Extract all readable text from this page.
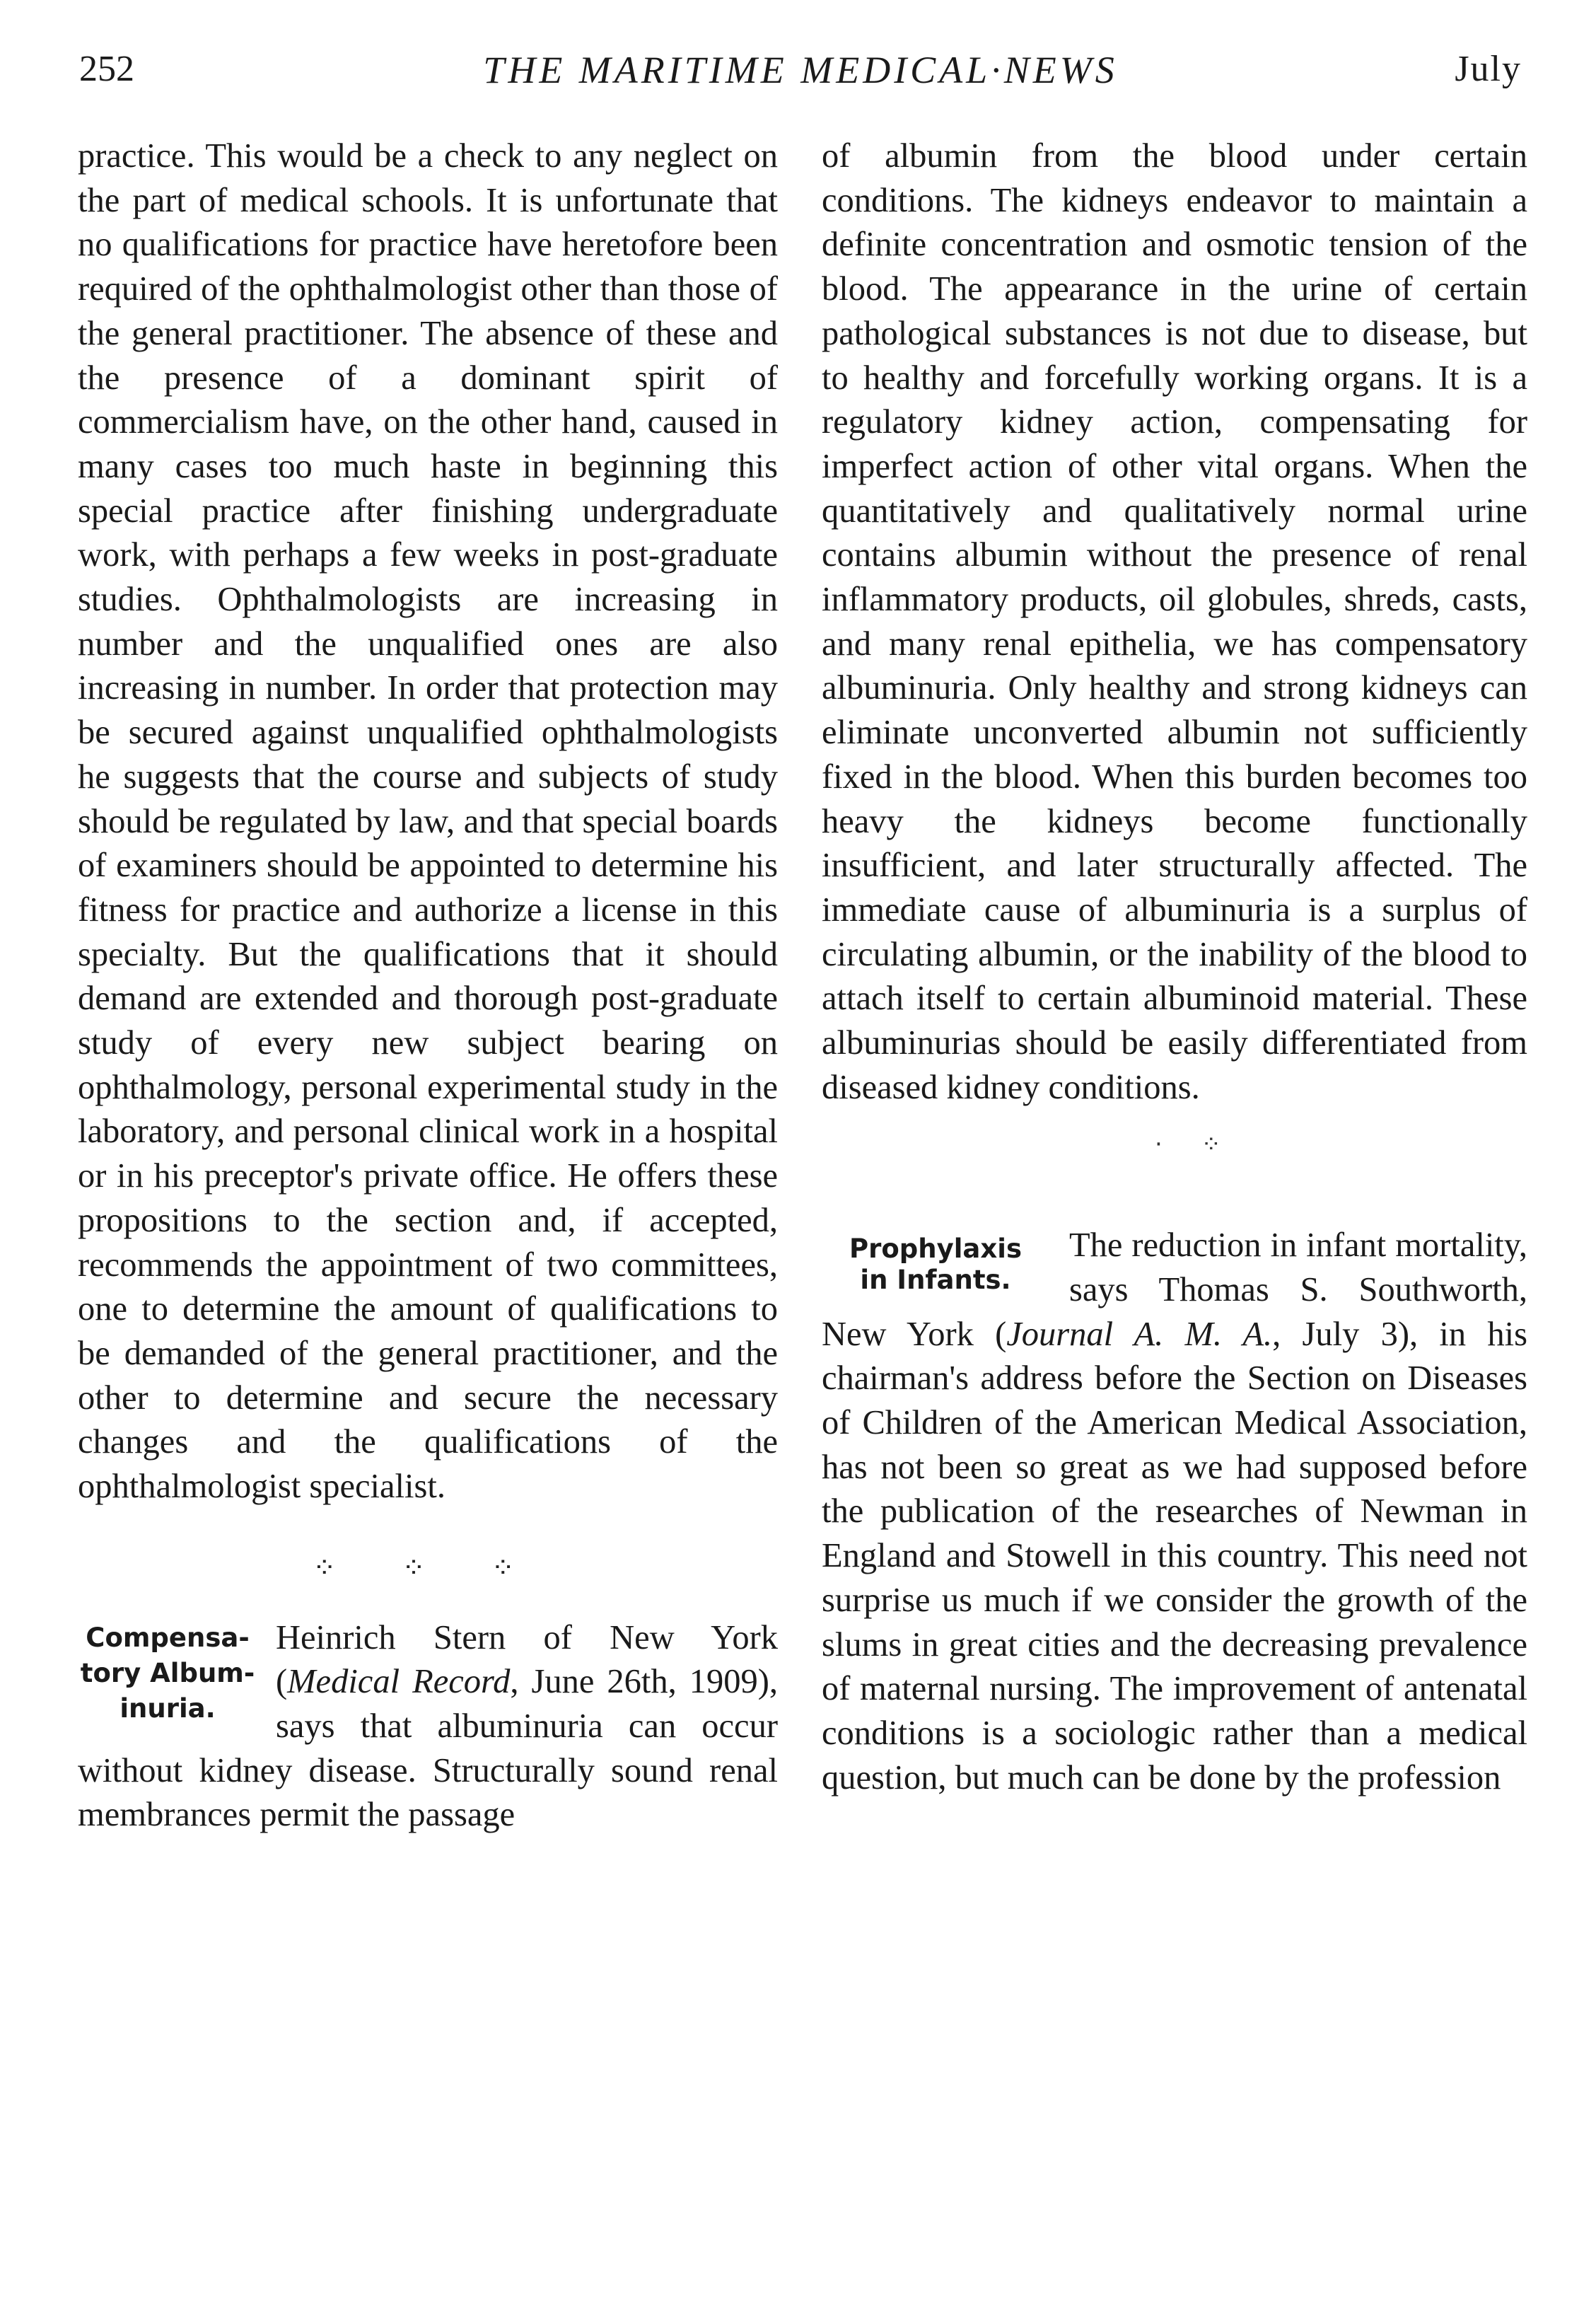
252	THE MARITIME MEDICAL·NEWS	July

practice. This would be a check to any neglect on the part of medical schools. It is unfortunate that no qualifications for practice have heretofore been required of the ophthalmologist other than those of the general practitioner. The absence of these and the presence of a dominant spirit of commercialism have, on the other hand, caused in many cases too much haste in beginning this special practice after finishing undergraduate work, with perhaps a few weeks in post-graduate studies. Ophthalmologists are increasing in number and the unqualified ones are also increasing in number. In order that protection may be secured against unqualified ophthalmologists he suggests that the course and subjects of study should be regulated by law, and that special boards of examiners should be appointed to determine his fitness for practice and authorize a license in this specialty. But the qualifications that it should demand are extended and thorough post-graduate study of every new subject bearing on ophthalmology, personal experimental study in the laboratory, and personal clinical work in a hospital or in his preceptor's private office. He offers these propositions to the section and, if accepted, recommends the appointment of two committees, one to determine the amount of qualifications to be demanded of the general practitioner, and the other to determine and secure the necessary changes and the qualifications of the ophthalmologist specialist.

⁘ ⁘ ⁘
Compensa-
tory Album-
inuria.

Heinrich Stern of New York (Medical Record, June 26th, 1909), says that albuminuria can occur without kidney disease. Structurally sound renal membrances permit the passage

of albumin from the blood under certain conditions. The kidneys endeavor to maintain a definite concentration and osmotic tension of the blood. The appearance in the urine of certain pathological substances is not due to disease, but to healthy and forcefully working organs. It is a regulatory kidney action, compensating for imperfect action of other vital organs. When the quantitatively and qualitatively normal urine contains albumin without the presence of renal inflammatory products, oil globules, shreds, casts, and many renal epithelia, we has compensatory albuminuria. Only healthy and strong kidneys can eliminate unconverted albumin not sufficiently fixed in the blood. When this burden becomes too heavy the kidneys become functionally insufficient, and later structurally affected. The immediate cause of albuminuria is a surplus of circulating albumin, or the inability of the blood to attach itself to certain albuminoid material. These albuminurias should be easily differentiated from diseased kidney conditions.

· ⁘
Prophylaxis
in Infants.

The reduction in infant mortality, says Thomas S. Southworth, New York (Journal A. M. A., July 3), in his chairman's address before the Section on Diseases of Children of the American Medical Association, has not been so great as we had supposed before the publication of the researches of Newman in England and Stowell in this country. This need not surprise us much if we consider the growth of the slums in great cities and the decreasing prevalence of maternal nursing. The improvement of antenatal conditions is a sociologic rather than a medical question, but much can be done by the profession
